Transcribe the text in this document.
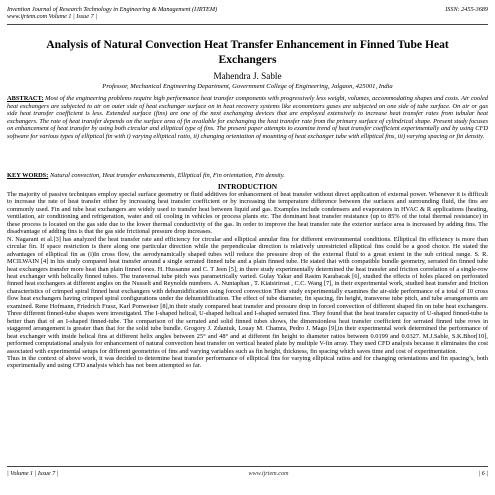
Invention Journal of Research Technology in Engineering & Management (IJRTEM)	ISSN: 2455-3689
www.ijrtem.com Volume 1 | Issue 7 |
Analysis of Natural Convection Heat Transfer Enhancement in Finned Tube Heat Exchangers
Mahendra J. Sable
Professor, Mechanical Engineering Department, Government College of Engineering, Jalgaon, 425001, India
ABSTRACT: Most of the engineering problems require high performance heat transfer components with progressively less weight, volumes, accommodating shapes and costs. Air cooled heat exchangers are subjected to air on outer side of heat exchanger surface on in heat recovery systems like economizers gases are subjected on one side of tube surface. On air or gas side heat transfer coefficient is less. Extended surface (fins) are one of the next exchanging devices that are employed extensively to increase heat transfer rates from tubular heat exchangers. The rate of heat transfer depends on the surface area of fin available for exchanging the heat transfer rate from the primary surface of cylindrical shape. Present study focuses on enhancement of heat transfer by using both circular and elliptical type of fins. The present paper attempts to examine trend of heat transfer coefficient experimentally and by using CFD software for various types of elliptical fin with i) varying elliptical ratio, ii) changing orientation of mounting of heat exchanger tube with elliptical fins, iii) varying spacing or fin density.
KEY WORDS: Natural convection, Heat transfer enhancements, Elliptical fin, Fin orientation, Fin density.
INTRODUCTION

The majority of passive techniques employ special surface geometry or fluid additives for enhancement of heat transfer without direct application of external power. Whenever it is difficult to increase the rate of heat transfer either by increasing heat transfer coefficient or by increasing the temperature difference between the surfaces and surrounding fluid, the fins are commonly used. Fin and tube heat exchangers are widely used to transfer heat between liquid and gas. Examples include condensers and evaporators in HVAC & R applications (heating, ventilation, air conditioning and refrigeration, water and oil cooling in vehicles or process plants etc. The dominant heat transfer resistance (up to 85% of the total thermal resistance) in these process is located on the gas side due to the lower thermal conductivity of the gas. In order to improve the heat transfer rate the exterior surface area is increased by adding fins. The disadvantage of adding fins is that the gas side frictional pressure drop increases.

N. Nagarani et al.[3] has analyzed the heat transfer rate and efficiency for circular and elliptical annular fins for different environmental conditions. Elliptical fin efficiency is more than circular fin. If space restriction is there along one particular direction while the perpendicular direction is relatively unrestricted elliptical fins could be a good choice. He stated the advantages of elliptical fin as (i)In cross flow, the aerodynamically shaped tubes will reduce the pressure drop of the external fluid to a great extent in the sub critical range. S. R. MCILWAIN [4] in his study compared heat transfer around a single serrated finned tube and a plain finned tube. He stated that with compatible bundle geometry, serrated fin finned tube heat exchangers transfer more heat than plain finned ones. H. Hussanne and C. T Jeen [5], in there study experimentally determined the heat transfer and friction correlation of a single-row heat exchanger with helically finned tubes. The transversal tube pitch was parametrically varied. Gulay Yakar and Rasim Karabacak [6], studied the effects of holes placed on perforated finned heat exchangers at different angles on the Nusselt and Reynolds numbers. A. Nuntaphan , T. Kiatsiriroat , C.C. Wang [7], in their experimental work, studied heat transfer and friction characteristics of crimped spiral finned heat exchangers with dehumidification using forced convection Their study experimentally examines the air-side performance of a total of 10 cross flow heat exchangers having crimped spiral configurations under the dehumidification. The effect of tube diameter, fin spacing, fin height, transverse tube pitch, and tube arrangements are examined. Rene Hofmann, Friedrich Frasz, Karl Ponweiser [8],in their study compared heat transfer and pressure drop in forced convection of different shaped fin on tube heat exchangers. Three different finned-tube shapes were investigated. The I-shaped helical, U-shaped helical and I-shaped serrated fins. They found that the heat transfer capacity of U-shaped finned-tube is better than that of an I-shaped finned-tube. The comparison of the serrated and solid finned tubes shows, the dimensionless heat transfer coefficient for serrated finned tube rows in staggered arrangement is greater than that for the solid tube bundle. Grogory J. Zdaniuk, Louay M. Chamra, Pedro J. Mago [9],in their experimental work determined the performance of heat exchanger with inside helical fins at different helix angles between 25° and 48° and at different fin height to diameter ratios between 0.0199 and 0.0327. M.J.Sable, S.K.Bhor[10], performed computational analysis for enhancement of natural convection heat transfer on vertical heated plate by multiple V-fin array. They used CFD analysis because it eliminates the cost associated with experimental setups for different geometries of fins and varying variables such as fin height, thickness, fin spacing which saves time and cost of experimentation.

Thus in the context of above work, it was decided to determine heat transfer performance of elliptical fins for varying elliptical ratios and for changing orientations and fin spacing’s, both experimentally and using CFD analysis which has not been attempted so far.

| Volume 1 | Issue 7 |	www.ijrtem.com	| 6 |
